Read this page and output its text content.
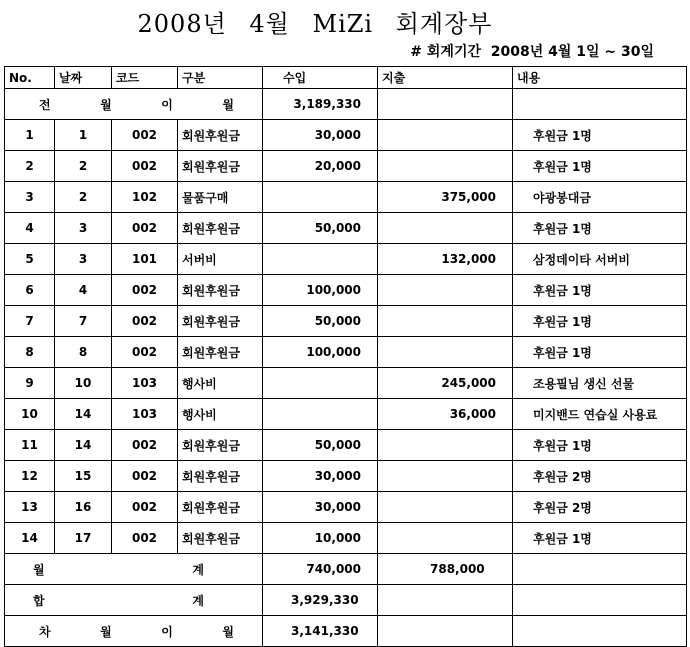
2008년 4월 MiZi 회계장부
# 회계기간  2008년 4월 1일 ~ 30일
No.	날짜	코드	구분	수입	지출	내용
전 월 이 월				3,189,330		
1	1	002	회원후원금	30,000		후원금 1명
2	2	002	회원후원금	20,000		후원금 1명
3	2	102	물품구매		375,000	야광봉대금
4	3	002	회원후원금	50,000		후원금 1명
5	3	101	서버비		132,000	삼정데이타 서버비
6	4	002	회원후원금	100,000		후원금 1명
7	7	002	회원후원금	50,000		후원금 1명
8	8	002	회원후원금	100,000		후원금 1명
9	10	103	행사비		245,000	조용필님 생신 선물
10	14	103	행사비		36,000	미지밴드 연습실 사용료
11	14	002	회원후원금	50,000		후원금 1명
12	15	002	회원후원금	30,000		후원금 2명
13	16	002	회원후원금	30,000		후원금 2명
14	17	002	회원후원금	10,000		후원금 1명
월 계				740,000	788,000	
합 계				3,929,330		
차 월 이 월				3,141,330		
